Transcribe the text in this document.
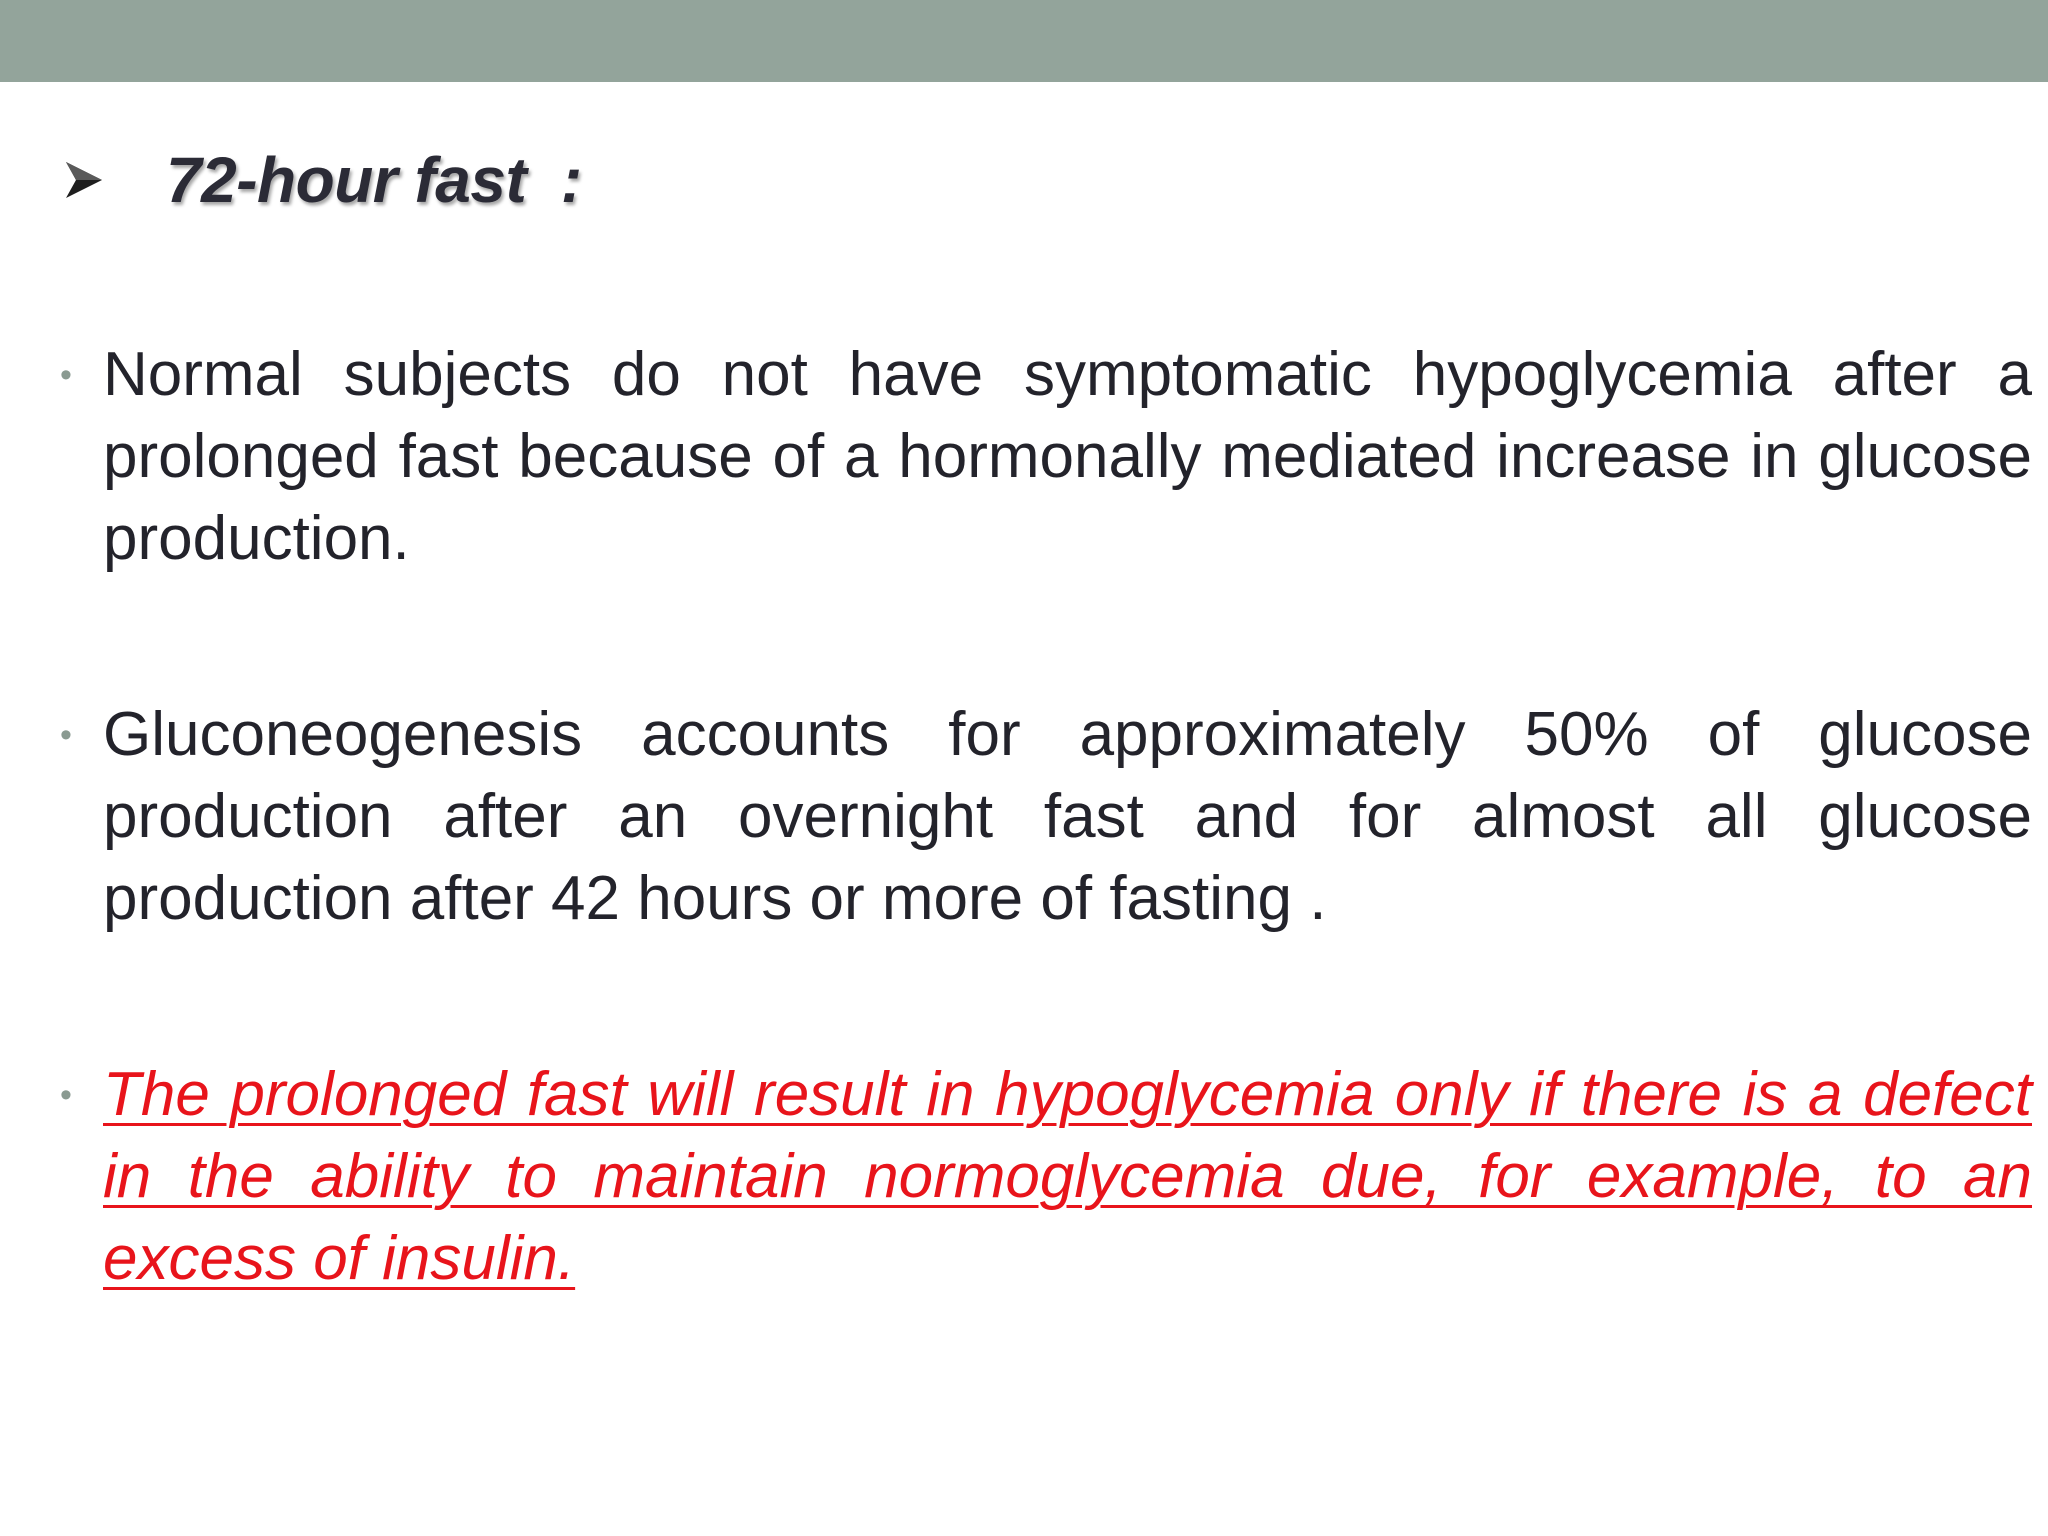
72-hour fast  :
• Normal subjects do not have symptomatic hypoglycemia after a prolonged fast because of a hormonally mediated increase in glucose production.
• Gluconeogenesis accounts for approximately 50% of glucose production after an overnight fast and for almost all glucose production after 42 hours or more of fasting .
• The prolonged fast will result in hypoglycemia only if there is a defect in the ability to maintain normoglycemia due, for example, to an excess of insulin.
